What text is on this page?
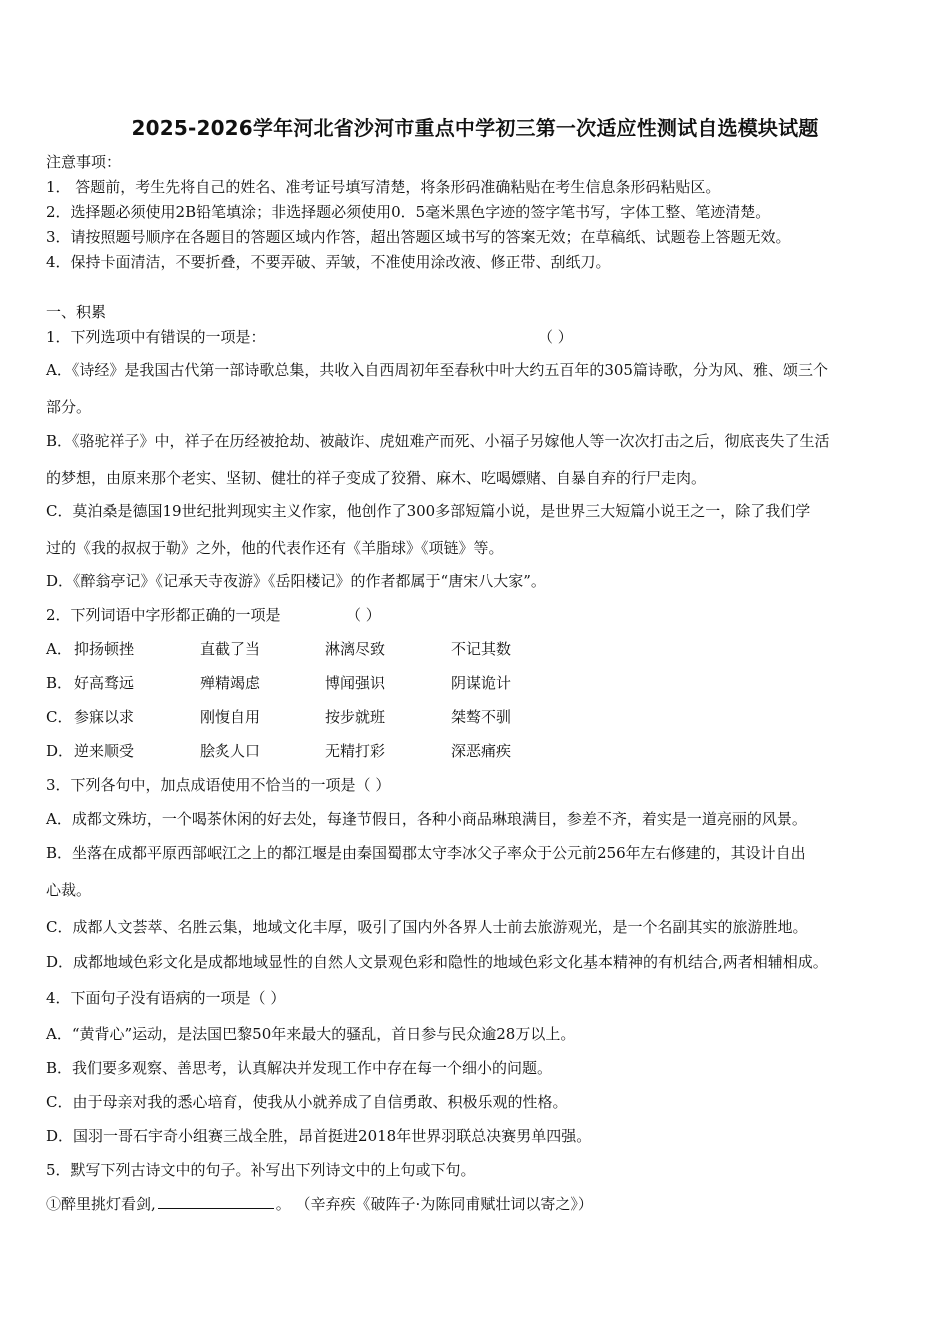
2025-2026学年河北省沙河市重点中学初三第一次适应性测试自选模块试题
注意事项：
1． 答题前，考生先将自己的姓名、准考证号填写清楚，将条形码准确粘贴在考生信息条形码粘贴区。
2．选择题必须使用2B铅笔填涂；非选择题必须使用0．5毫米黑色字迹的签字笔书写，字体工整、笔迹清楚。
3．请按照题号顺序在各题目的答题区域内作答，超出答题区域书写的答案无效；在草稿纸、试题卷上答题无效。
4．保持卡面清洁，不要折叠，不要弄破、弄皱，不准使用涂改液、修正带、刮纸刀。
一、积累
1．下列选项中有错误的一项是：	（ ）
A．《诗经》是我国古代第一部诗歌总集，共收入自西周初年至春秋中叶大约五百年的305篇诗歌，分为风、雅、颂三个
部分。
B．《骆驼祥子》中，祥子在历经被抢劫、被敲诈、虎妞难产而死、小福子另嫁他人等一次次打击之后，彻底丧失了生活
的梦想，由原来那个老实、坚韧、健壮的祥子变成了狡猾、麻木、吃喝嫖赌、自暴自弃的行尸走肉。
C．莫泊桑是德国19世纪批判现实主义作家，他创作了300多部短篇小说，是世界三大短篇小说王之一，除了我们学
过的《我的叔叔于勒》之外，他的代表作还有《羊脂球》《项链》等。
D．《醉翁亭记》《记承天寺夜游》《岳阳楼记》的作者都属于“唐宋八大家”。
2．下列词语中字形都正确的一项是	（ ）
A． 抑扬顿挫	直截了当	淋漓尽致	不记其数
B． 好高骛远	殚精竭虑	博闻强识	阴谋诡计
C． 参寐以求	刚愎自用	按步就班	桀骜不驯
D． 逆来顺受	脍炙人口	无精打彩	深恶痛疾
3．下列各句中，加点成语使用不恰当的一项是（ ）
A．成都文殊坊，一个喝茶休闲的好去处，每逢节假日，各种小商品琳琅满目，参差不齐，着实是一道亮丽的风景。
B．坐落在成都平原西部岷江之上的都江堰是由秦国蜀郡太守李冰父子率众于公元前256年左右修建的，其设计自出
心裁。
C．成都人文荟萃、名胜云集，地域文化丰厚，吸引了国内外各界人士前去旅游观光，是一个名副其实的旅游胜地。
D．成都地域色彩文化是成都地域显性的自然人文景观色彩和隐性的地域色彩文化基本精神的有机结合,两者相辅相成。
4．下面句子没有语病的一项是（ ）
A．“黄背心”运动，是法国巴黎50年来最大的骚乱，首日参与民众逾28万以上。
B．我们要多观察、善思考，认真解决并发现工作中存在每一个细小的问题。
C．由于母亲对我的悉心培育，使我从小就养成了自信勇敢、积极乐观的性格。
D．国羽一哥石宇奇小组赛三战全胜，昂首挺进2018年世界羽联总决赛男单四强。
5．默写下列古诗文中的句子。补写出下列诗文中的上句或下句。
①醉里挑灯看剑,	。 （辛弃疾《破阵子·为陈同甫赋壮词以寄之》）
